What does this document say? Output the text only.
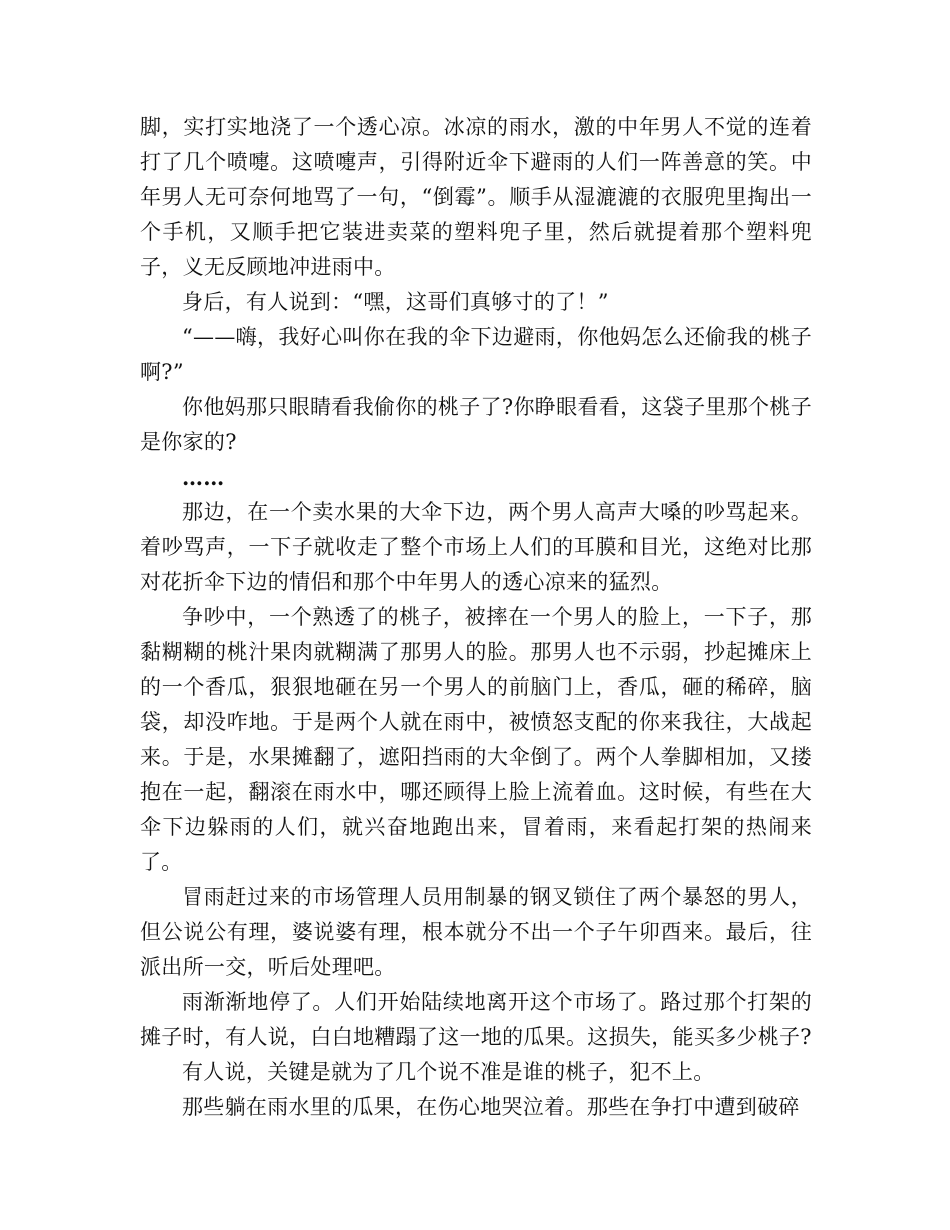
脚，实打实地浇了一个透心凉。冰凉的雨水，激的中年男人不觉的连着打了几个喷嚏。这喷嚏声，引得附近伞下避雨的人们一阵善意的笑。中年男人无可奈何地骂了一句，“倒霉”。顺手从湿漉漉的衣服兜里掏出一个手机，又顺手把它装进卖菜的塑料兜子里，然后就提着那个塑料兜子，义无反顾地冲进雨中。

身后，有人说到：“嘿，这哥们真够寸的了！”

“——嗨，我好心叫你在我的伞下边避雨，你他妈怎么还偷我的桃子啊?”

你他妈那只眼睛看我偷你的桃子了?你睁眼看看，这袋子里那个桃子是你家的?

……

那边，在一个卖水果的大伞下边，两个男人高声大嗓的吵骂起来。着吵骂声，一下子就收走了整个市场上人们的耳膜和目光，这绝对比那对花折伞下边的情侣和那个中年男人的透心凉来的猛烈。

争吵中，一个熟透了的桃子，被摔在一个男人的脸上，一下子，那黏糊糊的桃汁果肉就糊满了那男人的脸。那男人也不示弱，抄起摊床上的一个香瓜，狠狠地砸在另一个男人的前脑门上，香瓜，砸的稀碎，脑袋，却没咋地。于是两个人就在雨中，被愤怒支配的你来我往，大战起来。于是，水果摊翻了，遮阳挡雨的大伞倒了。两个人拳脚相加，又搂抱在一起，翻滚在雨水中，哪还顾得上脸上流着血。这时候，有些在大伞下边躲雨的人们，就兴奋地跑出来，冒着雨，来看起打架的热闹来了。

冒雨赶过来的市场管理人员用制暴的钢叉锁住了两个暴怒的男人，但公说公有理，婆说婆有理，根本就分不出一个子午卯酉来。最后，往派出所一交，听后处理吧。

雨渐渐地停了。人们开始陆续地离开这个市场了。路过那个打架的摊子时，有人说，白白地糟蹋了这一地的瓜果。这损失，能买多少桃子?

有人说，关键是就为了几个说不准是谁的桃子，犯不上。

那些躺在雨水里的瓜果，在伤心地哭泣着。那些在争打中遭到破碎
